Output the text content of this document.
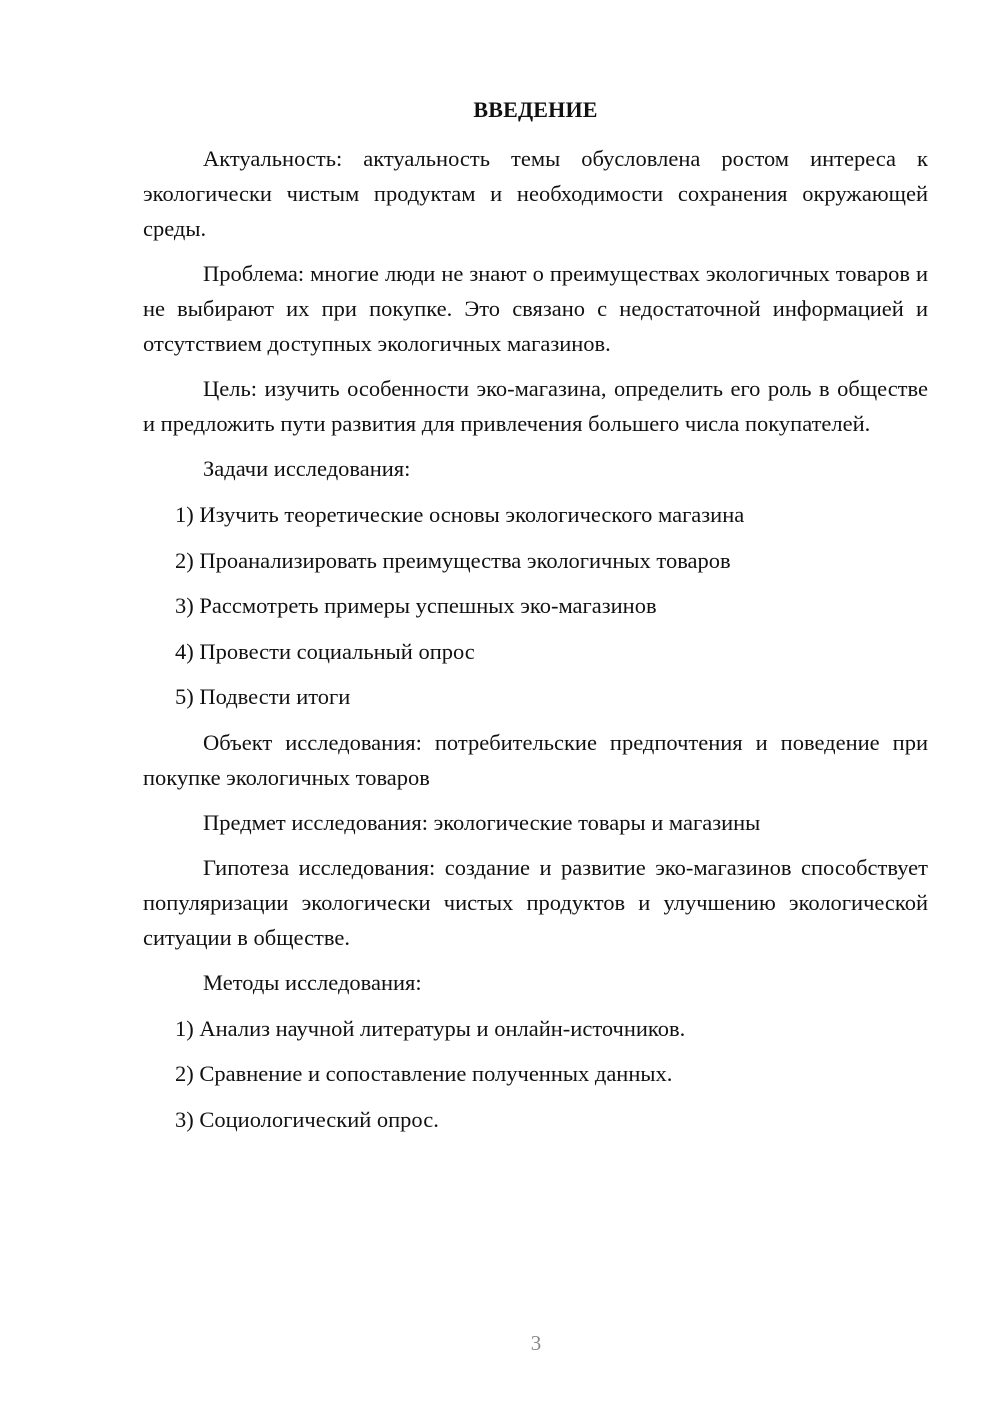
ВВЕДЕНИЕ

Актуальность: актуальность темы обусловлена ростом интереса к экологически чистым продуктам и необходимости сохранения окружающей среды.

Проблема: многие люди не знают о преимуществах экологичных товаров и не выбирают их при покупке. Это связано с недостаточной информацией и отсутствием доступных экологичных магазинов.

Цель: изучить особенности эко-магазина, определить его роль в обществе и предложить пути развития для привлечения большего числа покупателей.

Задачи исследования:
1) Изучить теоретические основы экологического магазина
2) Проанализировать преимущества экологичных товаров
3) Рассмотреть примеры успешных эко-магазинов
4) Провести социальный опрос
5) Подвести итоги

Объект исследования: потребительские предпочтения и поведение при покупке экологичных товаров

Предмет исследования: экологические товары и магазины

Гипотеза исследования: создание и развитие эко-магазинов способствует популяризации экологически чистых продуктов и улучшению экологической ситуации в обществе.

Методы исследования:
1) Анализ научной литературы и онлайн-источников.
2) Сравнение и сопоставление полученных данных.
3) Социологический опрос.
3
